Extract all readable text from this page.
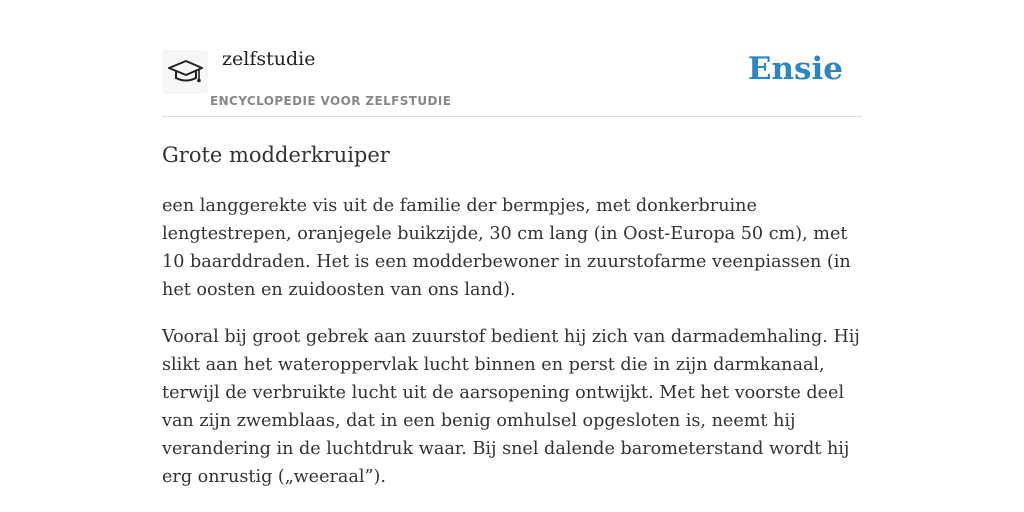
zelfstudie
ENCYCLOPEDIE VOOR ZELFSTUDIE
Ensie
Grote modderkruiper

een langgerekte vis uit de familie der bermpjes, met donkerbruine lengtestrepen, oranjegele buikzijde, 30 cm lang (in Oost-Europa 50 cm), met 10 baarddraden. Het is een modderbewoner in zuurstofarme veenpiassen (in het oosten en zuidoosten van ons land).

Vooral bij groot gebrek aan zuurstof bedient hij zich van darmademhaling. Hij slikt aan het wateroppervlak lucht binnen en perst die in zijn darmkanaal, terwijl de verbruikte lucht uit de aarsopening ontwijkt. Met het voorste deel van zijn zwemblaas, dat in een benig omhulsel opgesloten is, neemt hij verandering in de luchtdruk waar. Bij snel dalende barometerstand wordt hij erg onrustig („weeraal”).
